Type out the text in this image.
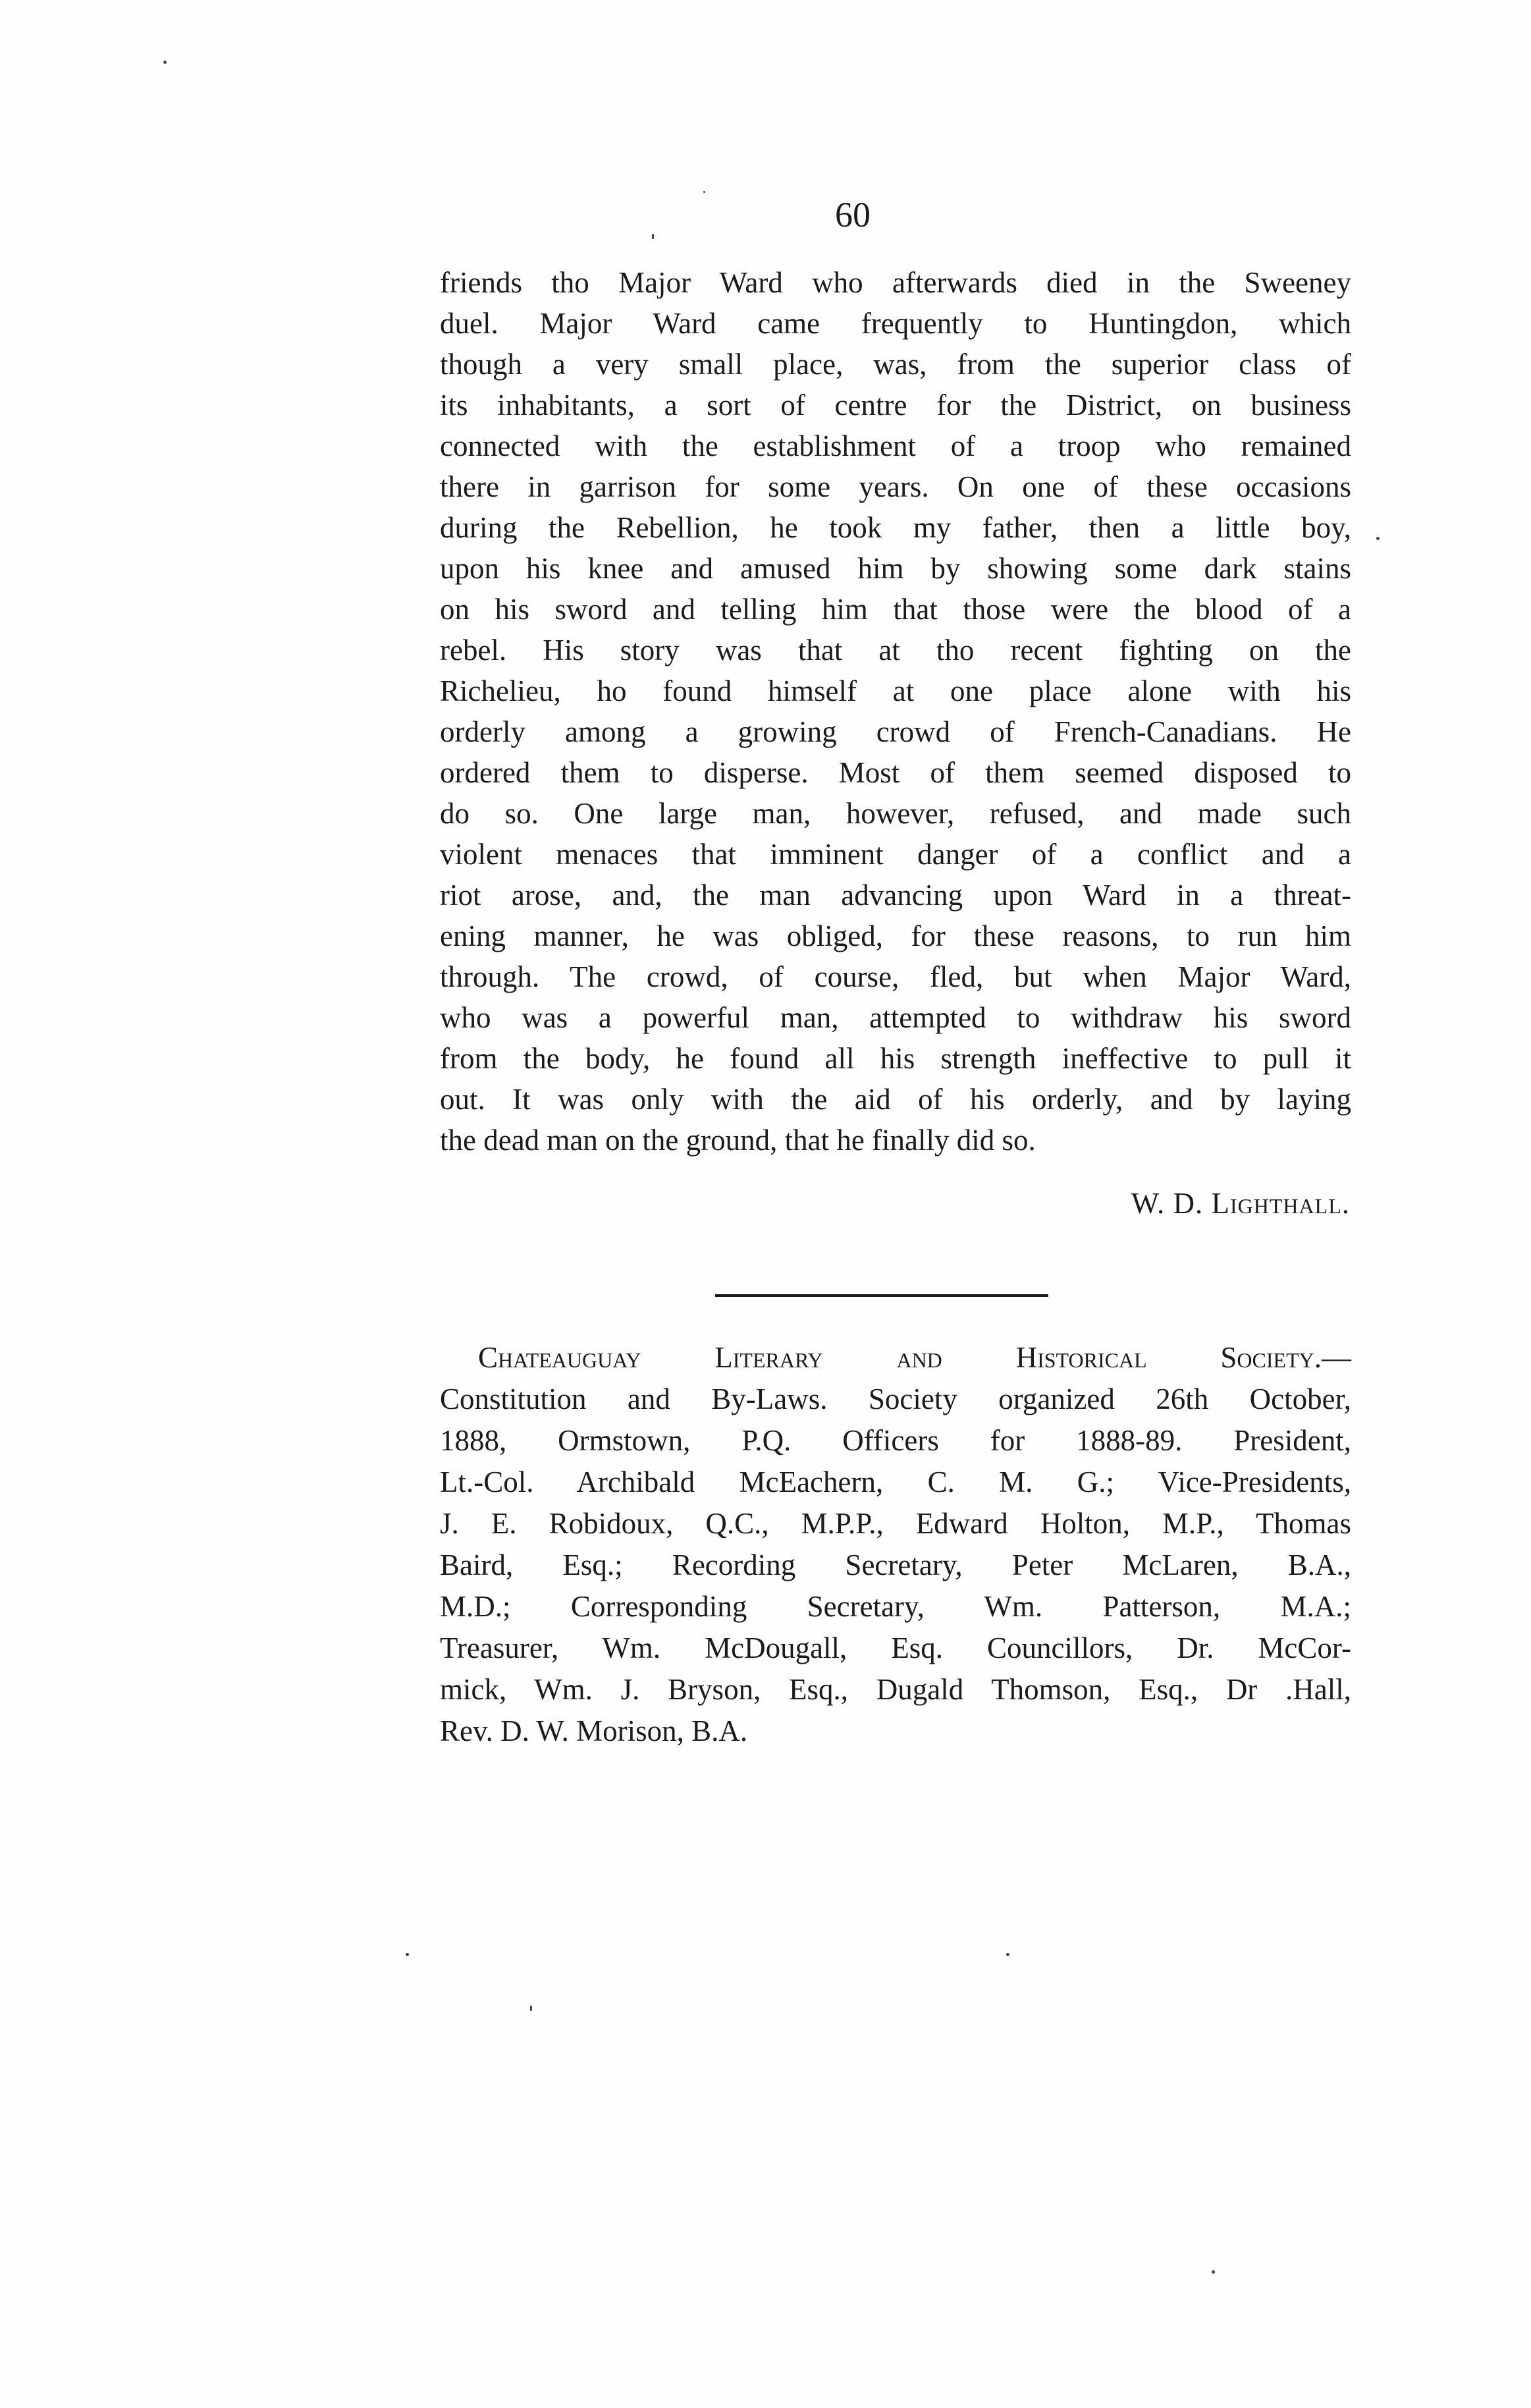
60
friends tho Major Ward who afterwards died in the Sweeney
duel. Major Ward came frequently to Huntingdon, which
though a very small place, was, from the superior class of
its inhabitants, a sort of centre for the District, on business
connected with the establishment of a troop who remained
there in garrison for some years. On one of these occasions
during the Rebellion, he took my father, then a little boy,
upon his knee and amused him by showing some dark stains
on his sword and telling him that those were the blood of a
rebel. His story was that at tho recent fighting on the
Richelieu, ho found himself at one place alone with his
orderly among a growing crowd of French-Canadians. He
ordered them to disperse. Most of them seemed disposed to
do so. One large man, however, refused, and made such
violent menaces that imminent danger of a conflict and a
riot arose, and, the man advancing upon Ward in a threat-
ening manner, he was obliged, for these reasons, to run him
through. The crowd, of course, fled, but when Major Ward,
who was a powerful man, attempted to withdraw his sword
from the body, he found all his strength ineffective to pull it
out. It was only with the aid of his orderly, and by laying
the dead man on the ground, that he finally did so.
W. D. Lighthall.
Chateauguay Literary and Historical Society.—
Constitution and By-Laws. Society organized 26th October,
1888, Ormstown, P.Q. Officers for 1888-89. President,
Lt.-Col. Archibald McEachern, C. M. G.; Vice-Presidents,
J. E. Robidoux, Q.C., M.P.P., Edward Holton, M.P., Thomas
Baird, Esq.; Recording Secretary, Peter McLaren, B.A.,
M.D.; Corresponding Secretary, Wm. Patterson, M.A.;
Treasurer, Wm. McDougall, Esq. Councillors, Dr. McCor-
mick, Wm. J. Bryson, Esq., Dugald Thomson, Esq., Dr .Hall,
Rev. D. W. Morison, B.A.
